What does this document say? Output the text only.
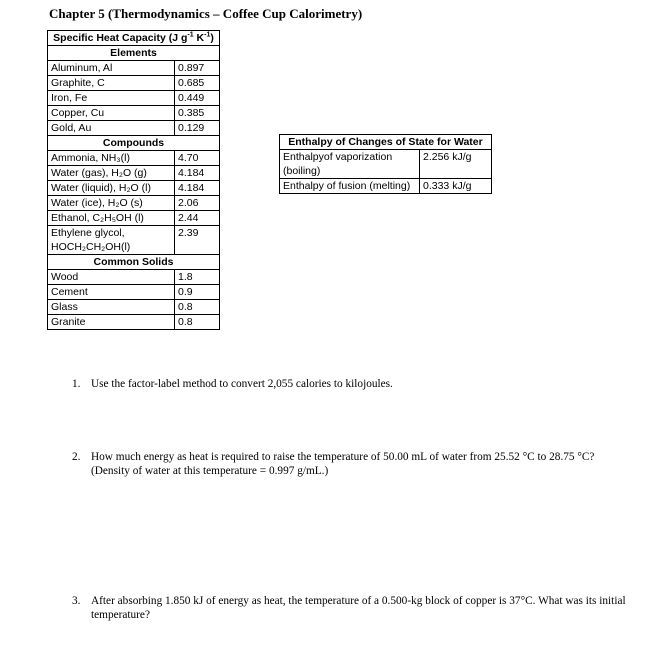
Chapter 5 (Thermodynamics – Coffee Cup Calorimetry)
Specific Heat Capacity (J $g^{-1}$ $K^{-1}$)	
Elements	
Aluminum, Al	0.897
Graphite, C	0.685
Iron, Fe	0.449
Copper, Cu	0.385
Gold, Au	0.129
Compounds	
Ammonia, NH₃(l)	4.70
Water (gas), H₂O (g)	4.184
Water (liquid), H₂O (l)	4.184
Water (ice), H₂O (s)	2.06
Ethanol, C₂H₅OH (l)	2.44
Ethylene glycol, HOCH₂CH₂OH(l)	2.39
Common Solids	
Wood	1.8
Cement	0.9
Glass	0.8
Granite	0.8
Enthalpy of Changes of State for Water	
Enthalpyof vaporization (boiling)	2.256 kJ/g
Enthalpy of fusion (melting)	0.333 kJ/g
1. Use the factor-label method to convert 2,055 calories to kilojoules.
2. How much energy as heat is required to raise the temperature of 50.00 mL of water from 25.52 °C to 28.75 °C? (Density of water at this temperature = 0.997 g/mL.)
3. After absorbing 1.850 kJ of energy as heat, the temperature of a 0.500-kg block of copper is 37°C. What was its initial temperature?
